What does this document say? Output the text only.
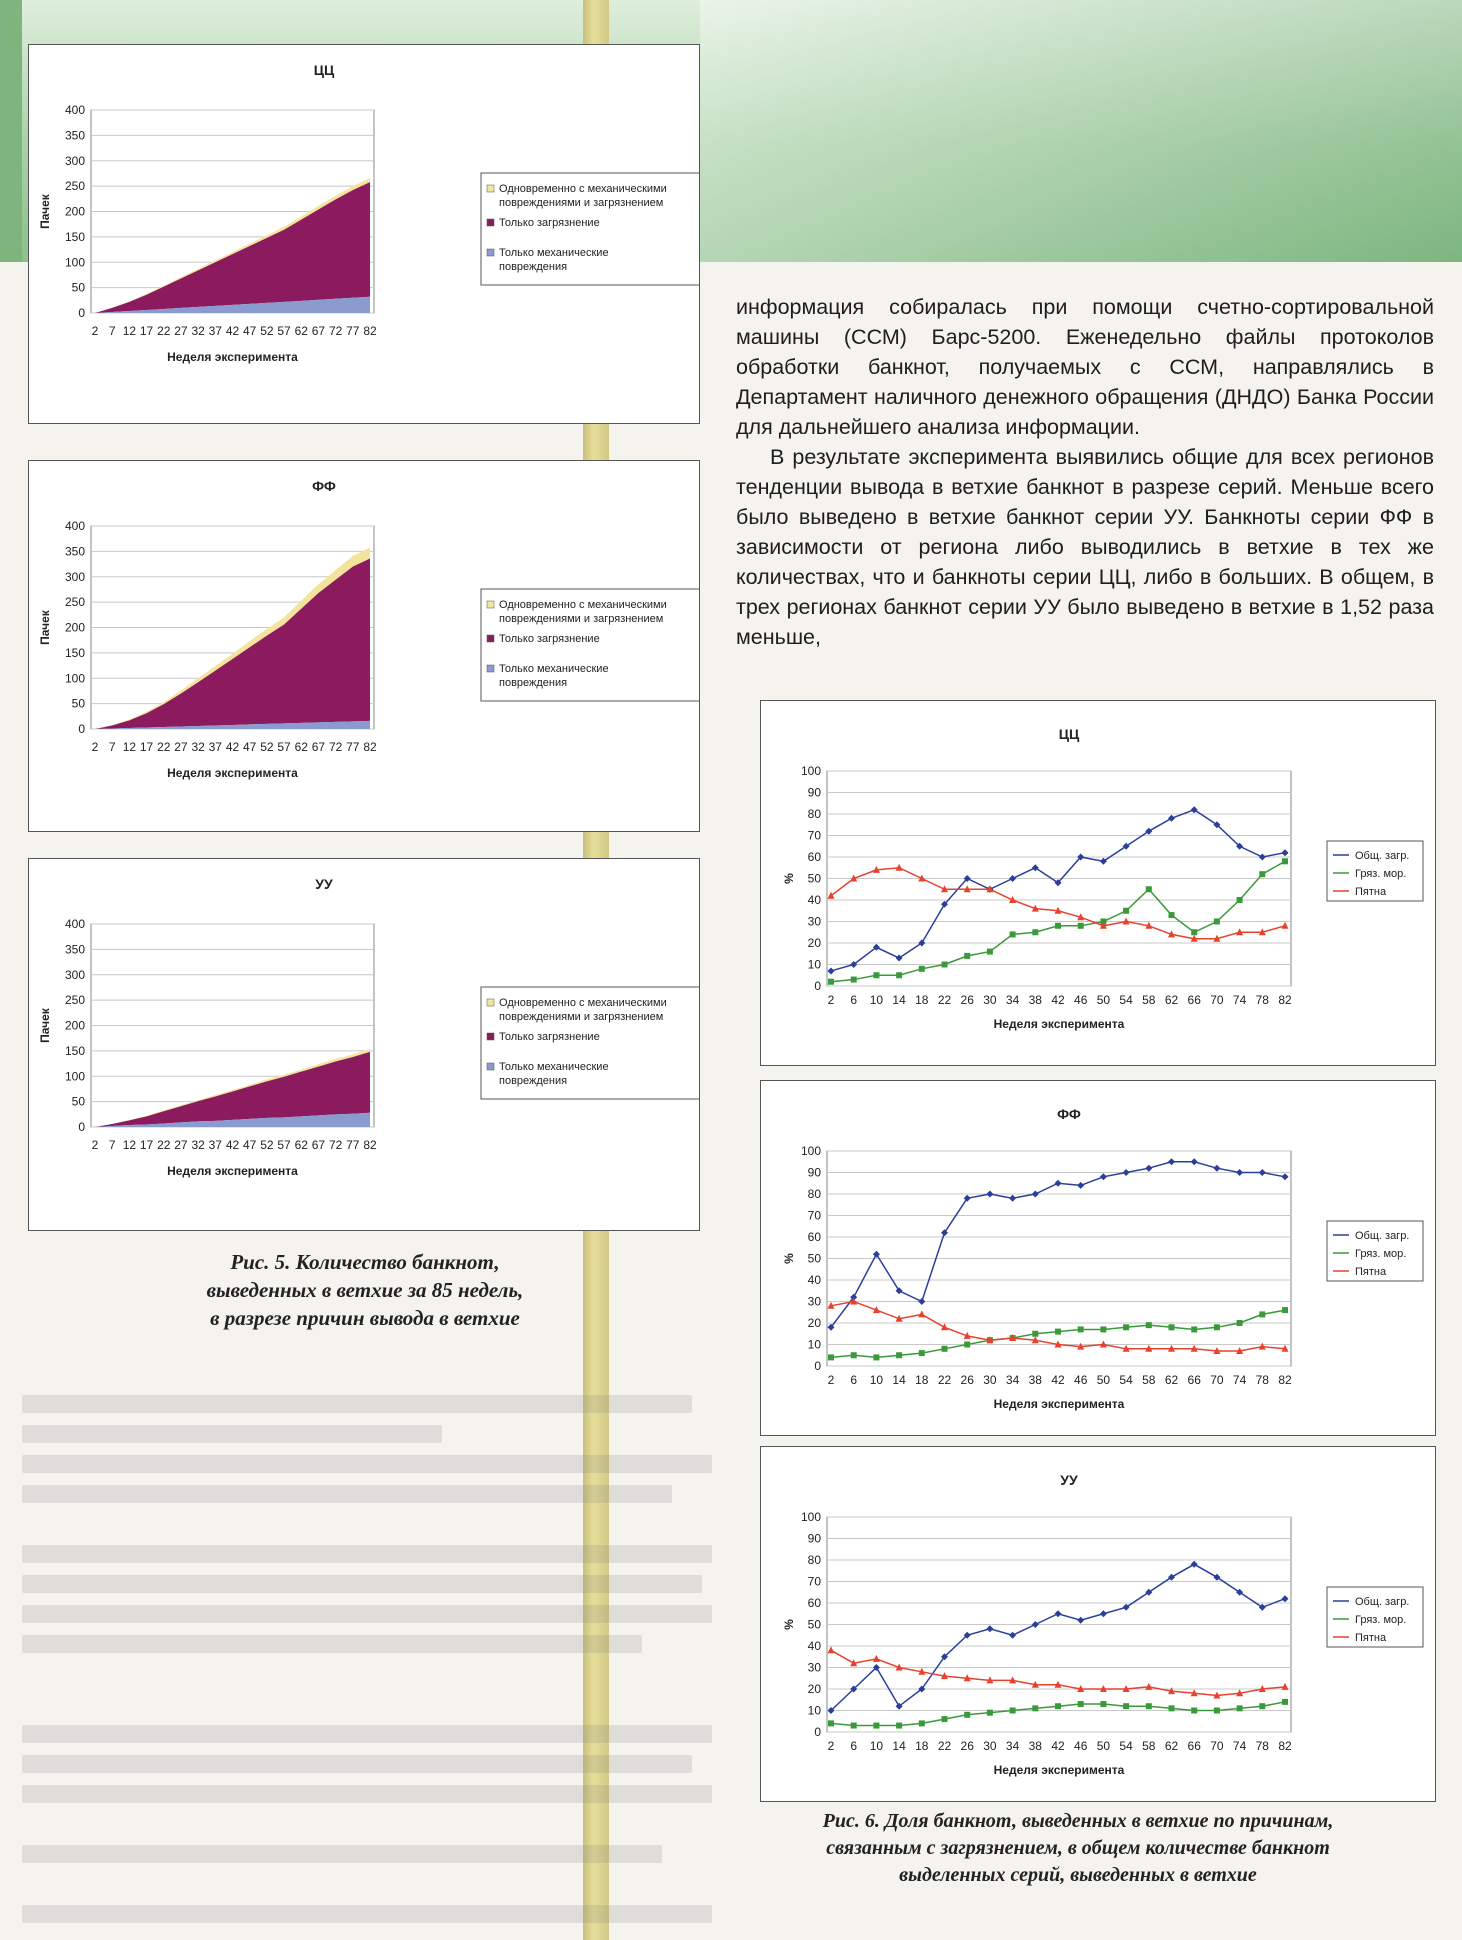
ЦЦ
0
50
100
150
200
250
300
350
400
2 7 12 17 22 27 32 37 42 47 52 57 62 67 72 77 82
Пачек
Неделя эксперимента
Одновременно с механическими
повреждениями и загрязнением
Только загрязнение
Только механические
повреждения
ФФ
0
50
100
150
200
250
300
350
400
2 7 12 17 22 27 32 37 42 47 52 57 62 67 72 77 82
Пачек
Неделя эксперимента
Одновременно с механическими
повреждениями и загрязнением
Только загрязнение
Только механические
повреждения
УУ
0
50
100
150
200
250
300
350
400
2 7 12 17 22 27 32 37 42 47 52 57 62 67 72 77 82
Пачек
Неделя эксперимента
Одновременно с механическими
повреждениями и загрязнением
Только загрязнение
Только механические
повреждения
Рис. 5. Количество банкнот,
выведенных в ветхие за 85 недель,
в разрезе причин вывода в ветхие

информация собиралась при помощи счетно-сортировальной машины (ССМ) Барс-5200. Еженедельно файлы протоколов обработки банкнот, получаемых с ССМ, направлялись в Департамент наличного денежного обращения (ДНДО) Банка России для дальнейшего анализа информации.

В результате эксперимента выявились общие для всех регионов тенденции вывода в ветхие банкнот в разрезе серий. Меньше всего было выведено в ветхие банкнот серии УУ. Банкноты серии ФФ в зависимости от региона либо выводились в ветхие в тех же количествах, что и банкноты серии ЦЦ, либо в больших. В общем, в трех регионах банкнот серии УУ было выведено в ветхие в 1,52 раза меньше,

ЦЦ
0
10
20
30
40
50
60
70
80
90
100
2 6 10 14 18 22 26 30 34 38 42 46 50 54 58 62 66 70 74 78 82
%
Неделя эксперимента
Общ. загр.
Гряз. мор.
Пятна
ФФ
0
10
20
30
40
50
60
70
80
90
100
2 6 10 14 18 22 26 30 34 38 42 46 50 54 58 62 66 70 74 78 82
%
Неделя эксперимента
Общ. загр.
Гряз. мор.
Пятна
УУ
0
10
20
30
40
50
60
70
80
90
100
2 6 10 14 18 22 26 30 34 38 42 46 50 54 58 62 66 70 74 78 82
%
Неделя эксперимента
Общ. загр.
Гряз. мор.
Пятна
Рис. 6. Доля банкнот, выведенных в ветхие по причинам,
связанным с загрязнением, в общем количестве банкнот
выделенных серий, выведенных в ветхие
